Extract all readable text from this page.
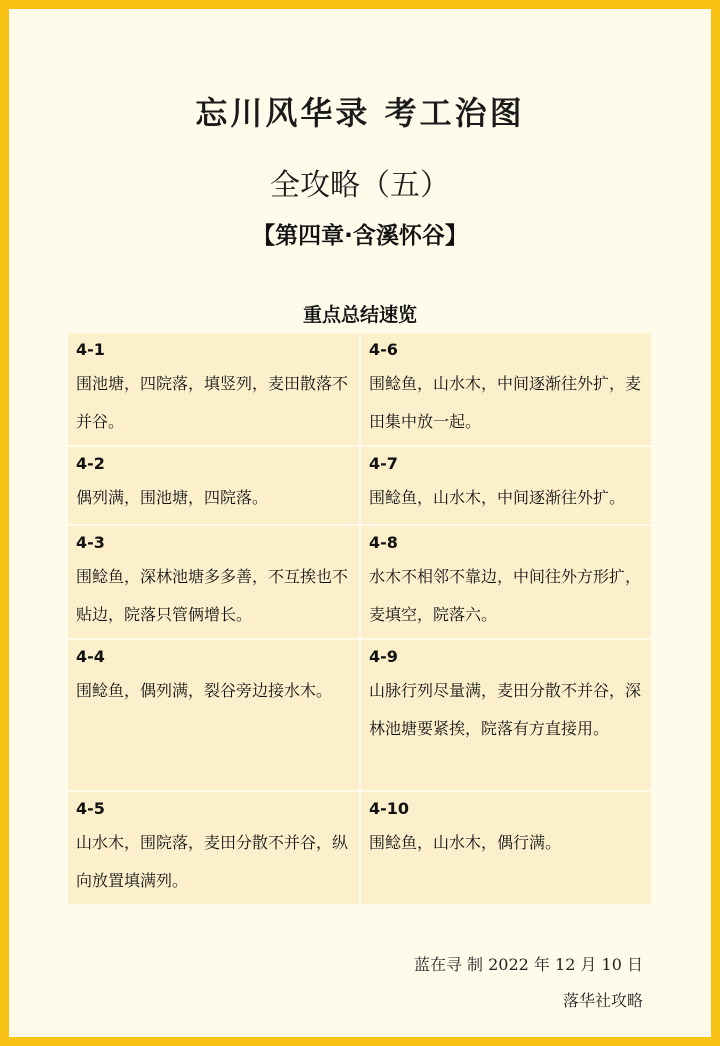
忘川风华录 考工治图
全攻略（五）
【第四章·含溪怀谷】
重点总结速览
4-1
围池塘，四院落，填竖列，麦田散落不并谷。
4-6
围鲶鱼，山水木，中间逐渐往外扩，麦田集中放一起。
4-2
偶列满，围池塘，四院落。
4-7
围鲶鱼，山水木，中间逐渐往外扩。
4-3
围鲶鱼，深林池塘多多善，不互挨也不贴边，院落只管俩增长。
4-8
水木不相邻不靠边，中间往外方形扩，麦填空，院落六。
4-4
围鲶鱼，偶列满，裂谷旁边接水木。
4-9
山脉行列尽量满，麦田分散不并谷，深林池塘要紧挨，院落有方直接用。
4-5
山水木，围院落，麦田分散不并谷，纵向放置填满列。
4-10
围鲶鱼，山水木，偶行满。
蓝在寻 制 2022 年 12 月 10 日
落华社攻略
